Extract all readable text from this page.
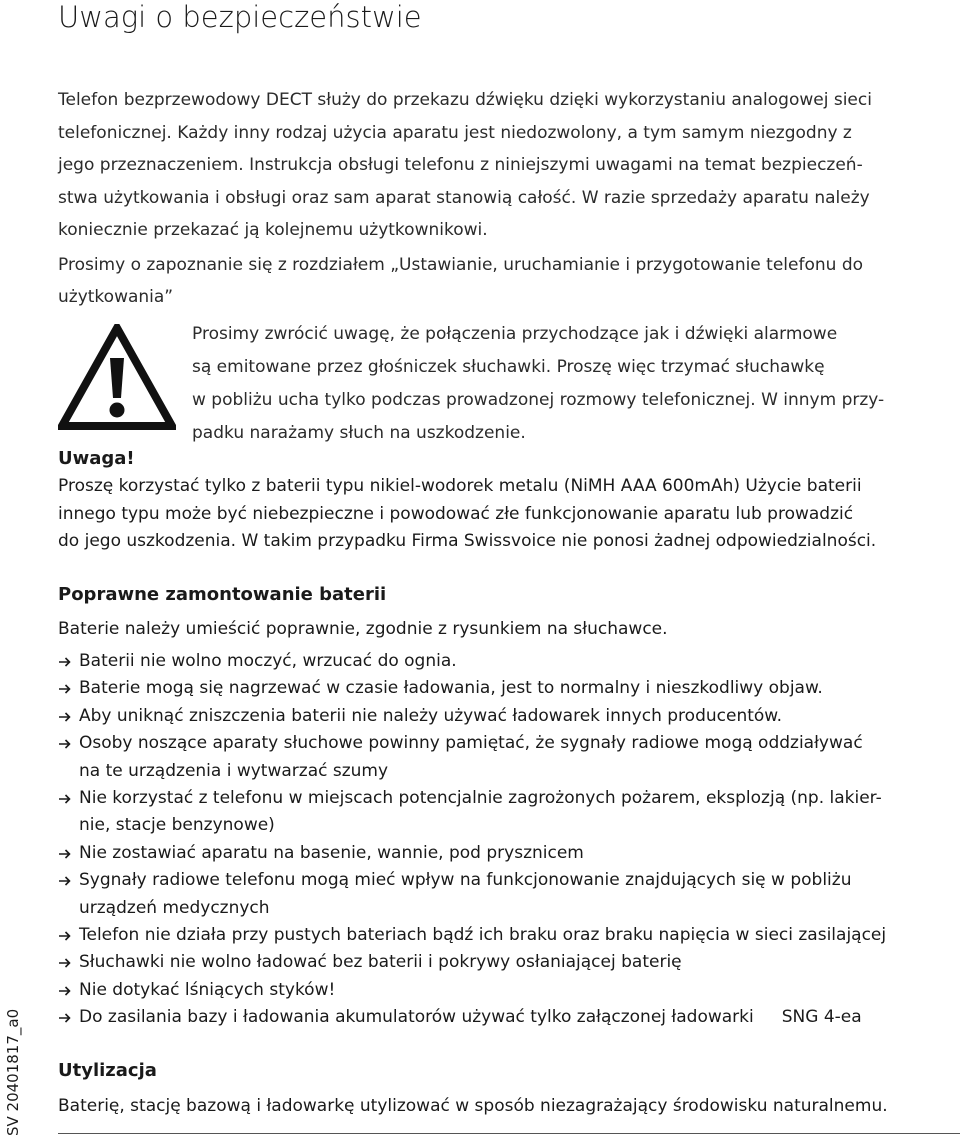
Uwagi o bezpieczeństwie

Telefon bezprzewodowy DECT służy do przekazu dźwięku dzięki wykorzystaniu analogowej sieci

telefonicznej. Każdy inny rodzaj użycia aparatu jest niedozwolony, a tym samym niezgodny z

jego przeznaczeniem. Instrukcja obsługi telefonu z niniejszymi uwagami na temat bezpieczeń-

stwa użytkowania i obsługi oraz sam aparat stanowią całość. W razie sprzedaży aparatu należy

koniecznie przekazać ją kolejnemu użytkownikowi.

Prosimy o zapoznanie się z rozdziałem „Ustawianie, uruchamianie i przygotowanie telefonu do

użytkowania”

Prosimy zwrócić uwagę, że połączenia przychodzące jak i dźwięki alarmowe

są emitowane przez głośniczek słuchawki. Proszę więc trzymać słuchawkę

w pobliżu ucha tylko podczas prowadzonej rozmowy telefonicznej. W innym przy-

padku narażamy słuch na uszkodzenie.

Uwaga!

Proszę korzystać tylko z baterii typu nikiel-wodorek metalu (NiMH AAA 600mAh) Użycie baterii

innego typu może być niebezpieczne i powodować złe funkcjonowanie aparatu lub prowadzić

do jego uszkodzenia. W takim przypadku Firma Swissvoice nie ponosi żadnej odpowiedzialności.

Poprawne zamontowanie baterii

Baterie należy umieścić poprawnie, zgodnie z rysunkiem na słuchawce.

Baterii nie wolno moczyć, wrzucać do ognia.
Baterie mogą się nagrzewać w czasie ładowania, jest to normalny i nieszkodliwy objaw.
Aby uniknąć zniszczenia baterii nie należy używać ładowarek innych producentów.
Osoby noszące aparaty słuchowe powinny pamiętać, że sygnały radiowe mogą oddziaływać
na te urządzenia i wytwarzać szumy
Nie korzystać z telefonu w miejscach potencjalnie zagrożonych pożarem, eksplozją (np. lakier-
nie, stacje benzynowe)
Nie zostawiać aparatu na basenie, wannie, pod prysznicem
Sygnały radiowe telefonu mogą mieć wpływ na funkcjonowanie znajdujących się w pobliżu
urządzeń medycznych
Telefon nie działa przy pustych bateriach bądź ich braku oraz braku napięcia w sieci zasilającej
Słuchawki nie wolno ładować bez baterii i pokrywy osłaniającej baterię
Nie dotykać lśniących styków!
Do zasilania bazy i ładowania akumulatorów używać tylko załączonej ładowarki SNG 4-ea
Utylizacja

Baterię, stację bazową i ładowarkę utylizować w sposób niezagrażający środowisku naturalnemu.

SV 20401817_a0
